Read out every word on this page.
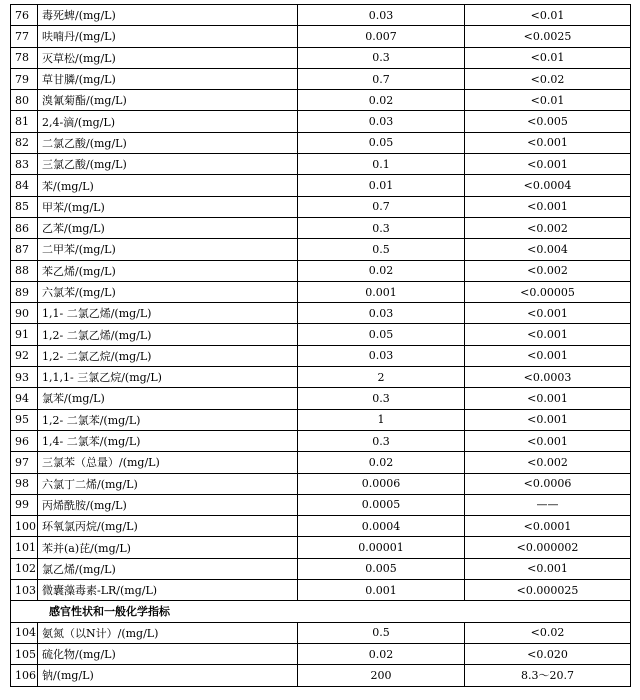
76	毒死蜱/(mg/L)	0.03	<0.01
77	呋喃丹/(mg/L)	0.007	<0.0025
78	灭草松/(mg/L)	0.3	<0.01
79	草甘膦/(mg/L)	0.7	<0.02
80	溴氰菊酯/(mg/L)	0.02	<0.01
81	2,4-滴/(mg/L)	0.03	<0.005
82	二氯乙酸/(mg/L)	0.05	<0.001
83	三氯乙酸/(mg/L)	0.1	<0.001
84	苯/(mg/L)	0.01	<0.0004
85	甲苯/(mg/L)	0.7	<0.001
86	乙苯/(mg/L)	0.3	<0.002
87	二甲苯/(mg/L)	0.5	<0.004
88	苯乙烯/(mg/L)	0.02	<0.002
89	六氯苯/(mg/L)	0.001	<0.00005
90	1,1- 二氯乙烯/(mg/L)	0.03	<0.001
91	1,2- 二氯乙烯/(mg/L)	0.05	<0.001
92	1,2- 二氯乙烷/(mg/L)	0.03	<0.001
93	1,1,1- 三氯乙烷/(mg/L)	2	<0.0003
94	氯苯/(mg/L)	0.3	<0.001
95	1,2- 二氯苯/(mg/L)	1	<0.001
96	1,4- 二氯苯/(mg/L)	0.3	<0.001
97	三氯苯（总量）/(mg/L)	0.02	<0.002
98	六氯丁二烯/(mg/L)	0.0006	<0.0006
99	丙烯酰胺/(mg/L)	0.0005	——
100	环氧氯丙烷/(mg/L)	0.0004	<0.0001
101	苯并(a)芘/(mg/L)	0.00001	<0.000002
102	氯乙烯/(mg/L)	0.005	<0.001
103	微囊藻毒素-LR/(mg/L)	0.001	<0.000025
感官性状和一般化学指标			
104	氨氮（以N计）/(mg/L)	0.5	<0.02
105	硫化物/(mg/L)	0.02	<0.020
106	钠/(mg/L)	200	8.3～20.7
